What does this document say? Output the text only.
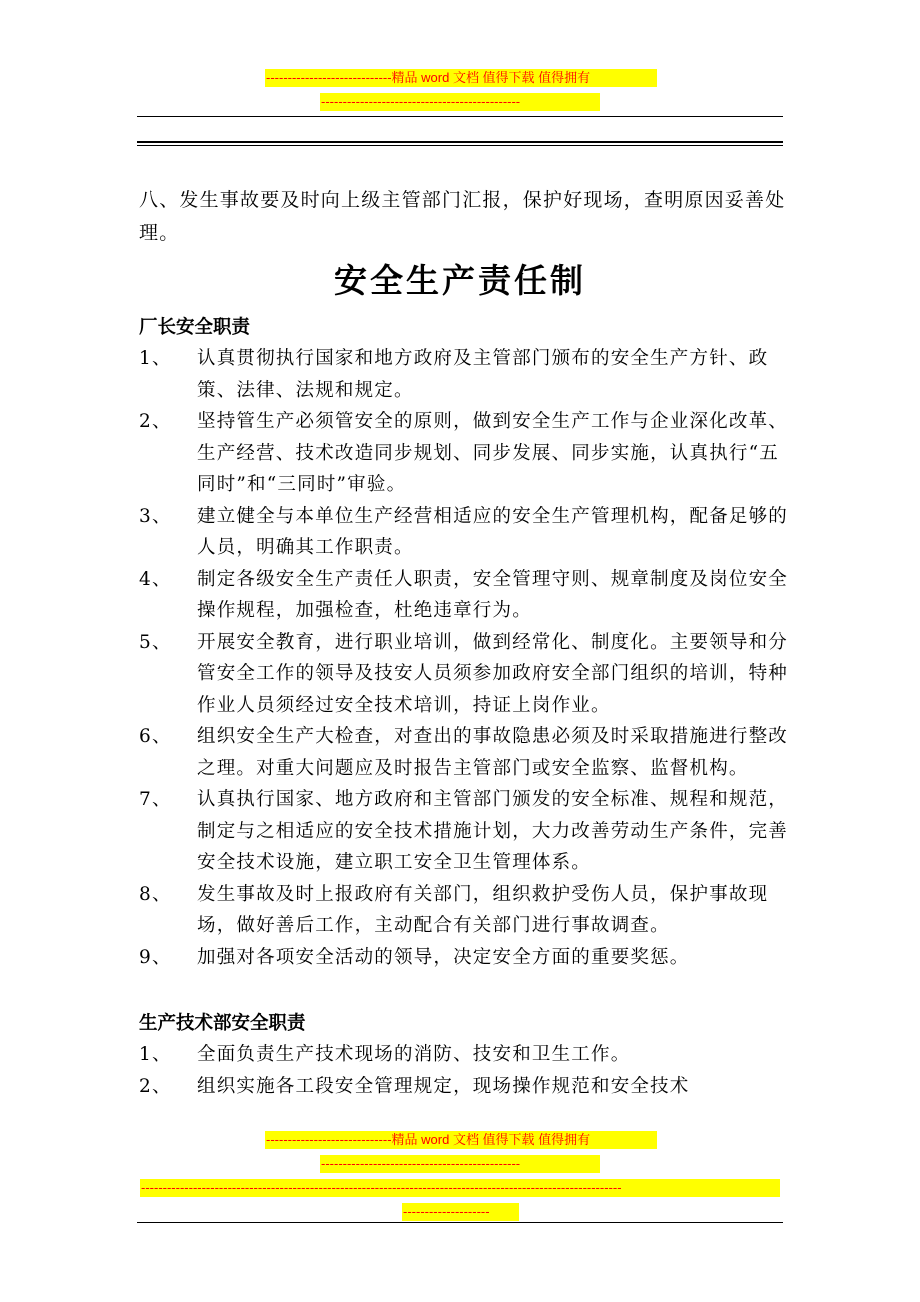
-----------------------------精品 word 文档 值得下载 值得拥有
----------------------------------------------

八、发生事故要及时向上级主管部门汇报，保护好现场，查明原因妥善处理。

安全生产责任制
厂长安全职责
1、	认真贯彻执行国家和地方政府及主管部门颁布的安全生产方针、政策、法律、法规和规定。
2、	坚持管生产必须管安全的原则，做到安全生产工作与企业深化改革、生产经营、技术改造同步规划、同步发展、同步实施，认真执行“五同时”和“三同时”审验。
3、	建立健全与本单位生产经营相适应的安全生产管理机构，配备足够的人员，明确其工作职责。
4、	制定各级安全生产责任人职责，安全管理守则、规章制度及岗位安全操作规程，加强检查，杜绝违章行为。
5、	开展安全教育，进行职业培训，做到经常化、制度化。主要领导和分管安全工作的领导及技安人员须参加政府安全部门组织的培训，特种作业人员须经过安全技术培训，持证上岗作业。
6、	组织安全生产大检查，对查出的事故隐患必须及时采取措施进行整改之理。对重大问题应及时报告主管部门或安全监察、监督机构。
7、	认真执行国家、地方政府和主管部门颁发的安全标准、规程和规范，制定与之相适应的安全技术措施计划，大力改善劳动生产条件，完善安全技术设施，建立职工安全卫生管理体系。
8、	发生事故及时上报政府有关部门，组织救护受伤人员，保护事故现场，做好善后工作，主动配合有关部门进行事故调查。
9、	加强对各项安全活动的领导，决定安全方面的重要奖惩。
生产技术部安全职责
1、	全面负责生产技术现场的消防、技安和卫生工作。
2、	组织实施各工段安全管理规定，现场操作规范和安全技术
-----------------------------精品 word 文档 值得下载 值得拥有
----------------------------------------------
---------------------------------------------------------------------------------------------------------------
--------------------
